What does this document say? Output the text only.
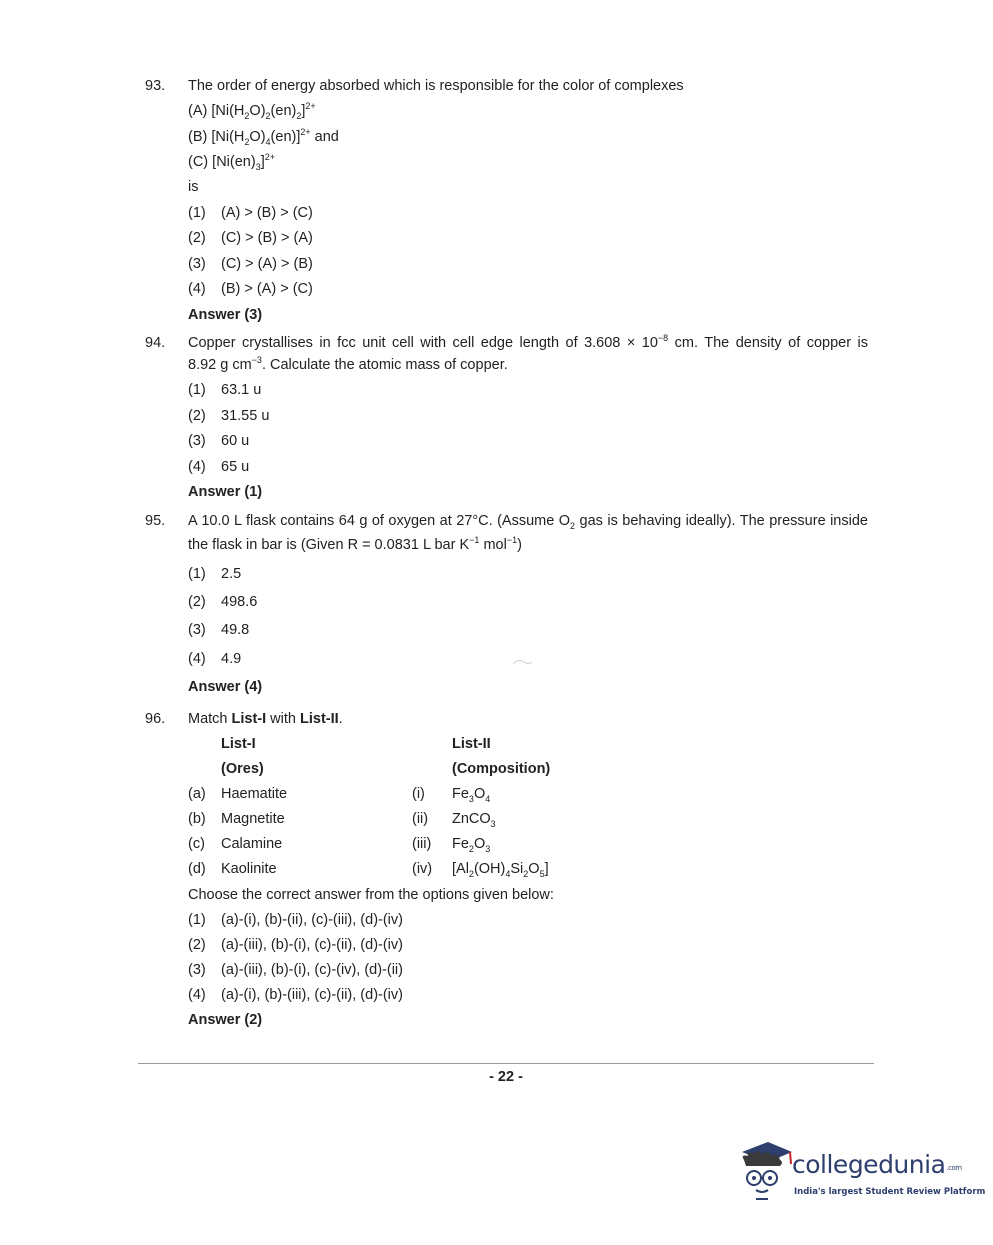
93. The order of energy absorbed which is responsible for the color of complexes
(A) $[Ni(H_2O)_2(en)_2]^{2+}$
(B) $[Ni(H_2O)_4(en)]^{2+}$ and
(C) $[Ni(en)_3]^{2+}$
is
(1) (A) > (B) > (C)
(2) (C) > (B) > (A)
(3) (C) > (A) > (B)
(4) (B) > (A) > (C)
Answer (3)
94. Copper crystallises in fcc unit cell with cell edge length of $3.608 \times 10^{-8}$ cm. The density of copper is
8.92 g $cm^{-3}$. Calculate the atomic mass of copper.
(1) 63.1 u
(2) 31.55 u
(3) 60 u
(4) 65 u
Answer (1)
95. A 10.0 L flask contains 64 g of oxygen at 27°C. (Assume $O_2$ gas is behaving ideally). The pressure inside
the flask in bar is (Given R = 0.0831 L bar $K^{-1}$ mol$^{-1}$)
(1) 2.5
(2) 498.6
(3) 49.8
(4) 4.9
Answer (4)
96. Match List-I with List-II.
List-I	List-II
(Ores)	(Composition)
(a) Haematite	(i) $Fe_3O_4$
(b) Magnetite	(ii) ZnCO$_3$
(c) Calamine	(iii) $Fe_2O_3$
(d) Kaolinite	(iv) $[Al_2(OH)_4Si_2O_5]$
Choose the correct answer from the options given below:
(1) (a)-(i), (b)-(ii), (c)-(iii), (d)-(iv)
(2) (a)-(iii), (b)-(i), (c)-(ii), (d)-(iv)
(3) (a)-(iii), (b)-(i), (c)-(iv), (d)-(ii)
(4) (a)-(i), (b)-(iii), (c)-(ii), (d)-(iv)
Answer (2)
- 22 -
collegedunia.com
India's largest Student Review Platform
